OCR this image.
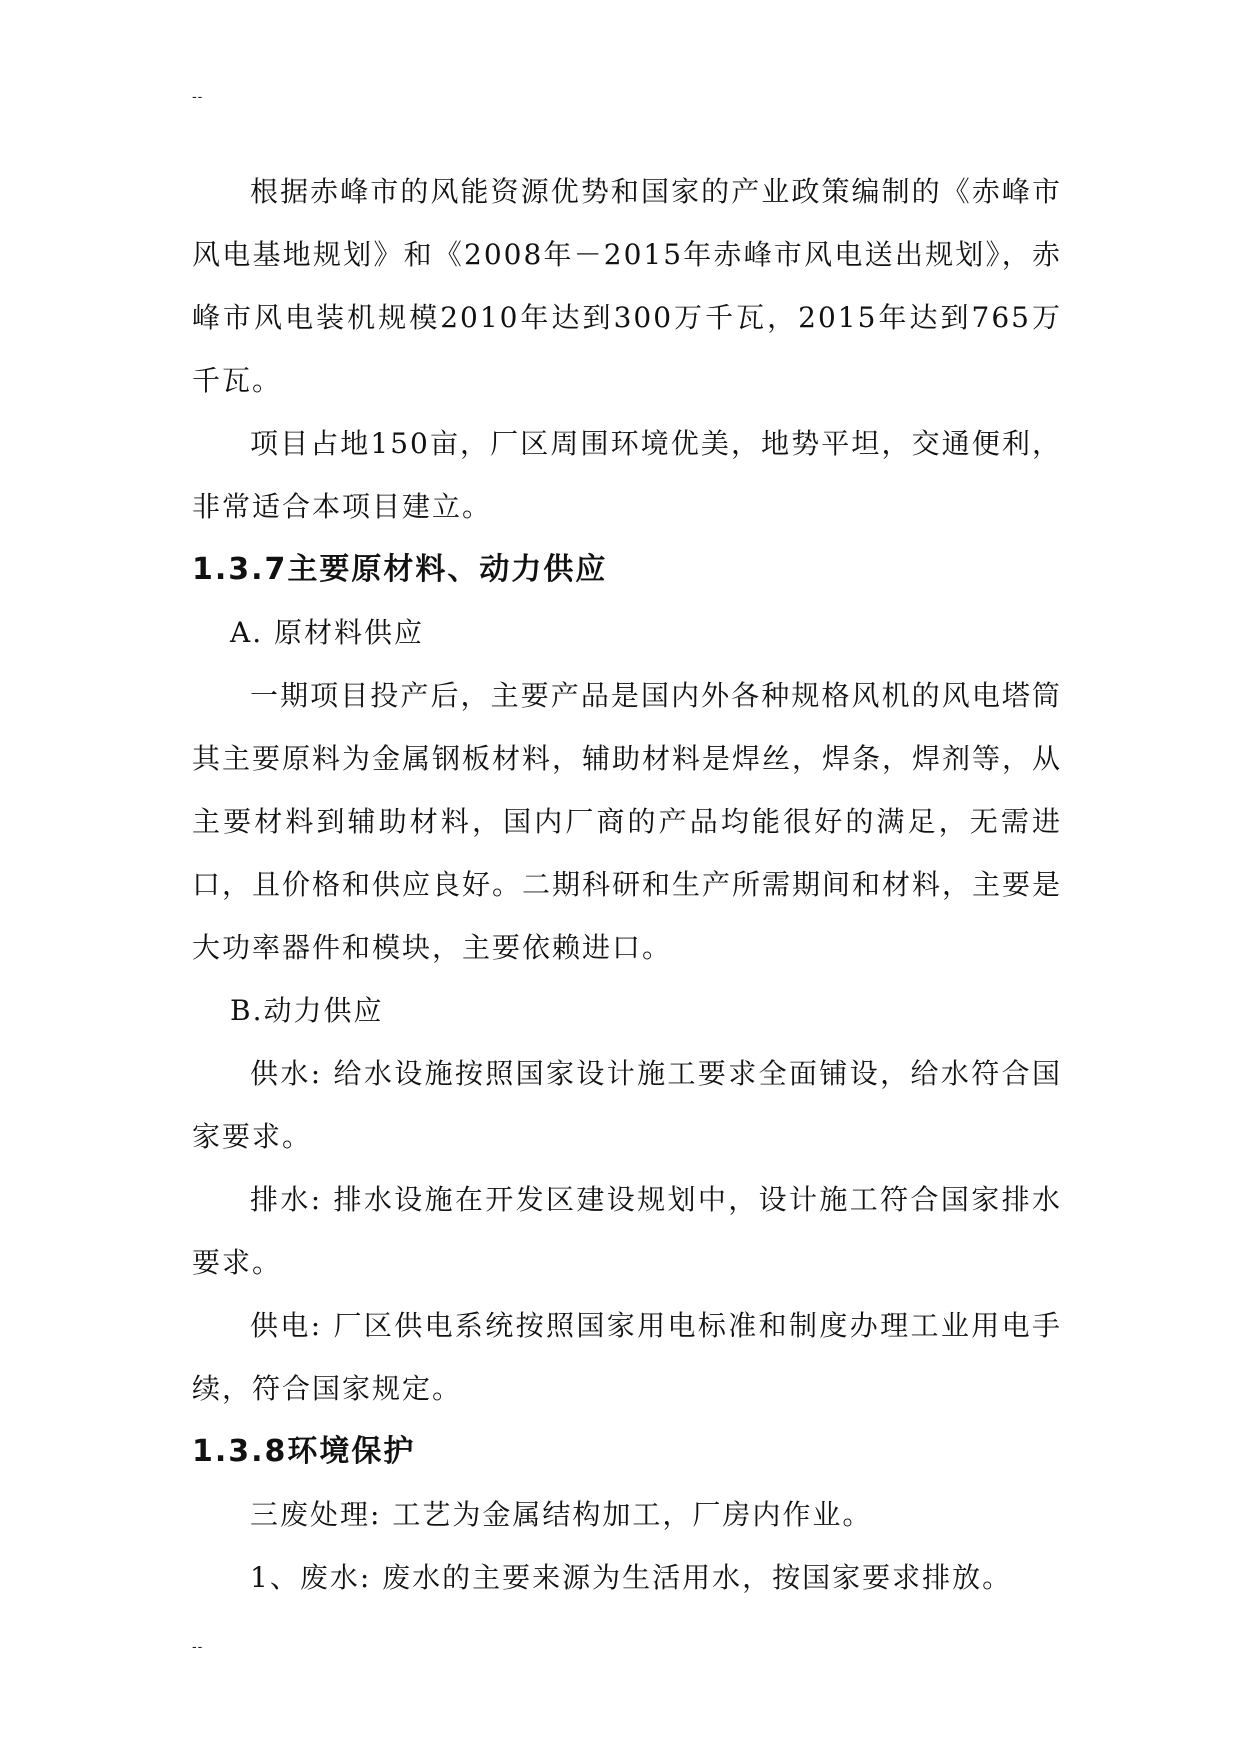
--

根据赤峰市的风能资源优势和国家的产业政策编制的《赤峰市风电基地规划》和《2008年－2015年赤峰市风电送出规划》，赤峰市风电装机规模2010年达到300万千瓦，2015年达到765万千瓦。

项目占地150亩，厂区周围环境优美，地势平坦，交通便利，非常适合本项目建立。

1.3.7主要原材料、动力供应

A. 原材料供应

一期项目投产后，主要产品是国内外各种规格风机的风电塔筒其主要原料为金属钢板材料，辅助材料是焊丝，焊条，焊剂等，从主要材料到辅助材料，国内厂商的产品均能很好的满足，无需进口，且价格和供应良好。二期科研和生产所需期间和材料，主要是大功率器件和模块，主要依赖进口。

B.动力供应

供水: 给水设施按照国家设计施工要求全面铺设，给水符合国家要求。

排水: 排水设施在开发区建设规划中，设计施工符合国家排水要求。

供电: 厂区供电系统按照国家用电标准和制度办理工业用电手续，符合国家规定。

1.3.8环境保护

三废处理: 工艺为金属结构加工，厂房内作业。

1、废水: 废水的主要来源为生活用水，按国家要求排放。

--
